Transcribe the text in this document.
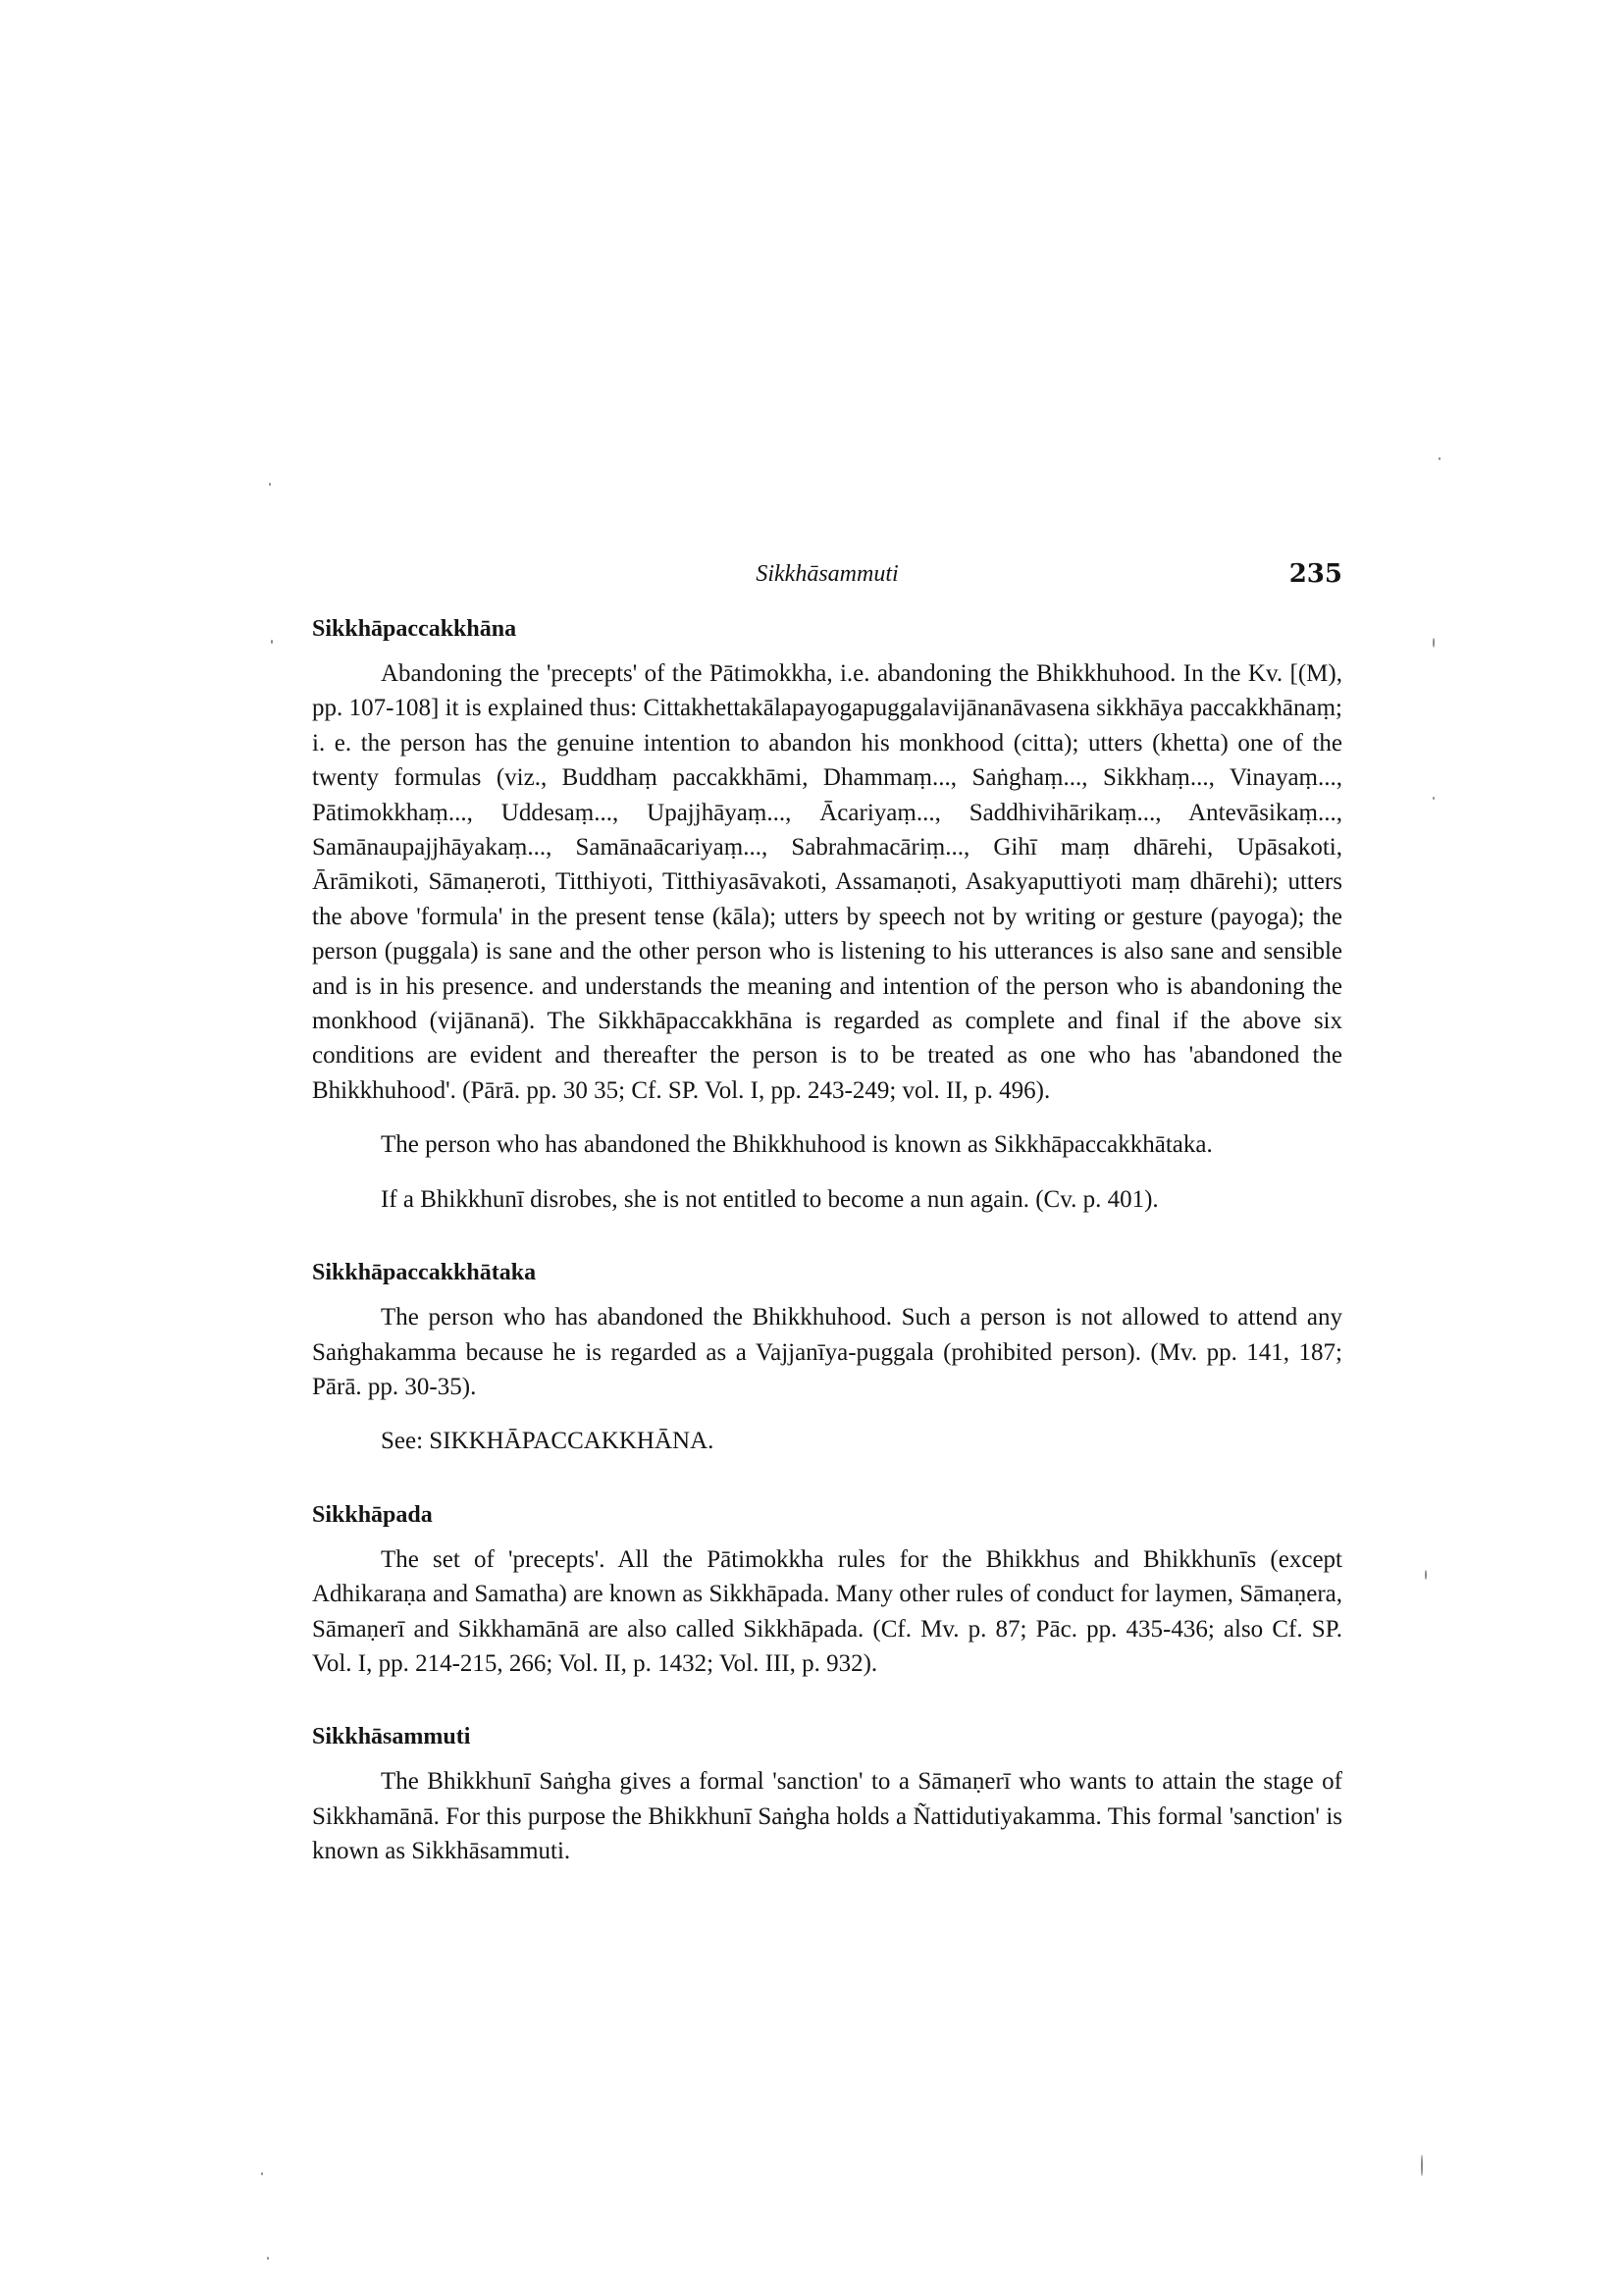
Sikkhāsammuti	235
Sikkhāpaccakkhāna

Abandoning the 'precepts' of the Pātimokkha, i.e. abandoning the Bhikkhuhood. In the Kv. [(M), pp. 107-108] it is explained thus: Cittakhettakālapayogapuggalavijānanāvasena sikkhāya paccakkhānaṃ; i. e. the person has the genuine intention to abandon his monkhood (citta); utters (khetta) one of the twenty formulas (viz., Buddhaṃ paccakkhāmi, Dhammaṃ..., Saṅghaṃ..., Sikkhaṃ..., Vinayaṃ..., Pātimokkhaṃ..., Uddesaṃ..., Upajjhāyaṃ..., Ācariyaṃ..., Saddhivihārikaṃ..., Antevāsikaṃ..., Samānaupajjhāyakaṃ..., Samānaācariyaṃ..., Sabrahmacāriṃ..., Gihī maṃ dhārehi, Upāsakoti, Ārāmikoti, Sāmaṇeroti, Titthiyoti, Titthiyasāvakoti, Assamaṇoti, Asakyaputtiyoti maṃ dhārehi); utters the above 'formula' in the present tense (kāla); utters by speech not by writing or gesture (payoga); the person (puggala) is sane and the other person who is listening to his utterances is also sane and sensible and is in his presence. and understands the meaning and intention of the person who is abandoning the monkhood (vijānanā). The Sikkhāpaccakkhāna is regarded as complete and final if the above six conditions are evident and thereafter the person is to be treated as one who has 'abandoned the Bhikkhuhood'. (Pārā. pp. 30 35; Cf. SP. Vol. I, pp. 243-249; vol. II, p. 496).

The person who has abandoned the Bhikkhuhood is known as Sikkhāpaccakkhātaka.

If a Bhikkhunī disrobes, she is not entitled to become a nun again. (Cv. p. 401).

Sikkhāpaccakkhātaka

The person who has abandoned the Bhikkhuhood. Such a person is not allowed to attend any Saṅghakamma because he is regarded as a Vajjanīya-puggala (prohibited person). (Mv. pp. 141, 187; Pārā. pp. 30-35).

See: SIKKHĀPACCAKKHĀNA.

Sikkhāpada

The set of 'precepts'. All the Pātimokkha rules for the Bhikkhus and Bhikkhunīs (except Adhikaraṇa and Samatha) are known as Sikkhāpada. Many other rules of conduct for laymen, Sāmaṇera, Sāmaṇerī and Sikkhamānā are also called Sikkhāpada. (Cf. Mv. p. 87; Pāc. pp. 435-436; also Cf. SP. Vol. I, pp. 214-215, 266; Vol. II, p. 1432; Vol. III, p. 932).

Sikkhāsammuti

The Bhikkhunī Saṅgha gives a formal 'sanction' to a Sāmaṇerī who wants to attain the stage of Sikkhamānā. For this purpose the Bhikkhunī Saṅgha holds a Ñattidutiyakamma. This formal 'sanction' is known as Sikkhāsammuti.
